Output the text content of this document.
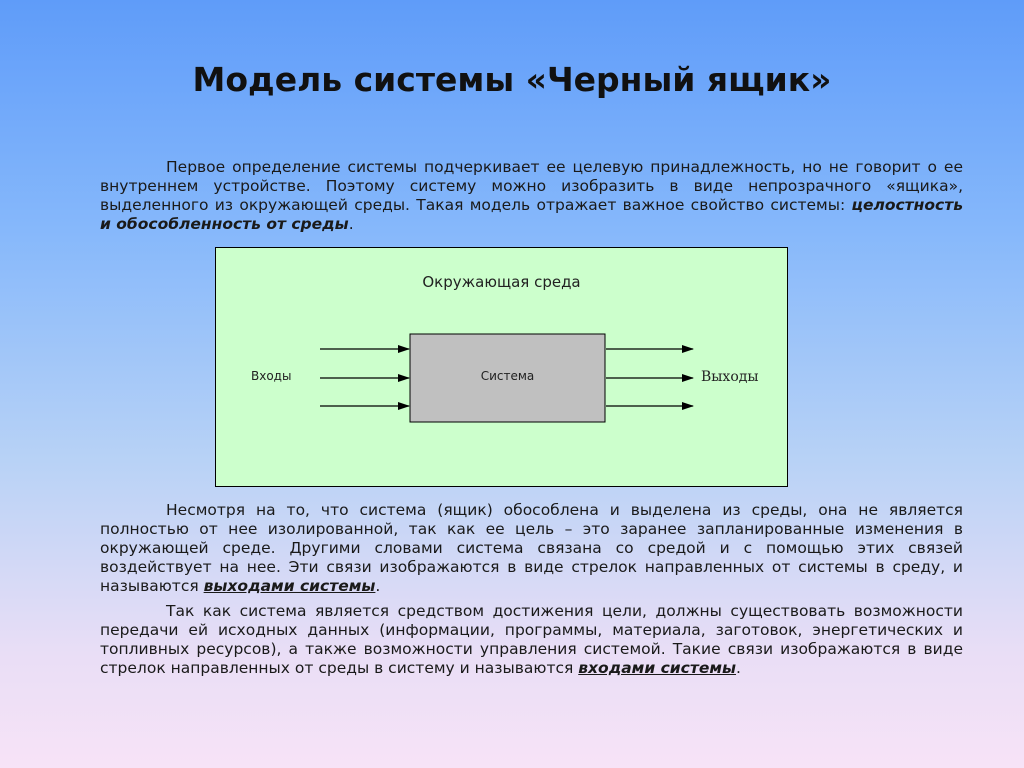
Модель системы «Черный ящик»

Первое определение системы подчеркивает ее целевую принадлежность, но не говорит о ее внутреннем устройстве. Поэтому систему можно изобразить в виде непрозрачного «ящика», выделенного из окружающей среды. Такая модель отражает важное свойство системы: целостность и обособленность от среды.

Окружающая среда
Входы	Система	Выходы

Несмотря на то, что система (ящик) обособлена и выделена из среды, она не является полностью от нее изолированной, так как ее цель – это заранее запланированные изменения в окружающей среде. Другими словами система связана со средой и с помощью этих связей воздействует на нее. Эти связи изображаются в виде стрелок направленных от системы в среду, и называются выходами системы.

Так как система является средством достижения цели, должны существовать возможности передачи ей исходных данных (информации, программы, материала, заготовок, энергетических и топливных ресурсов), а также возможности управления системой. Такие связи изображаются в виде стрелок направленных от среды в систему и называются входами системы.
